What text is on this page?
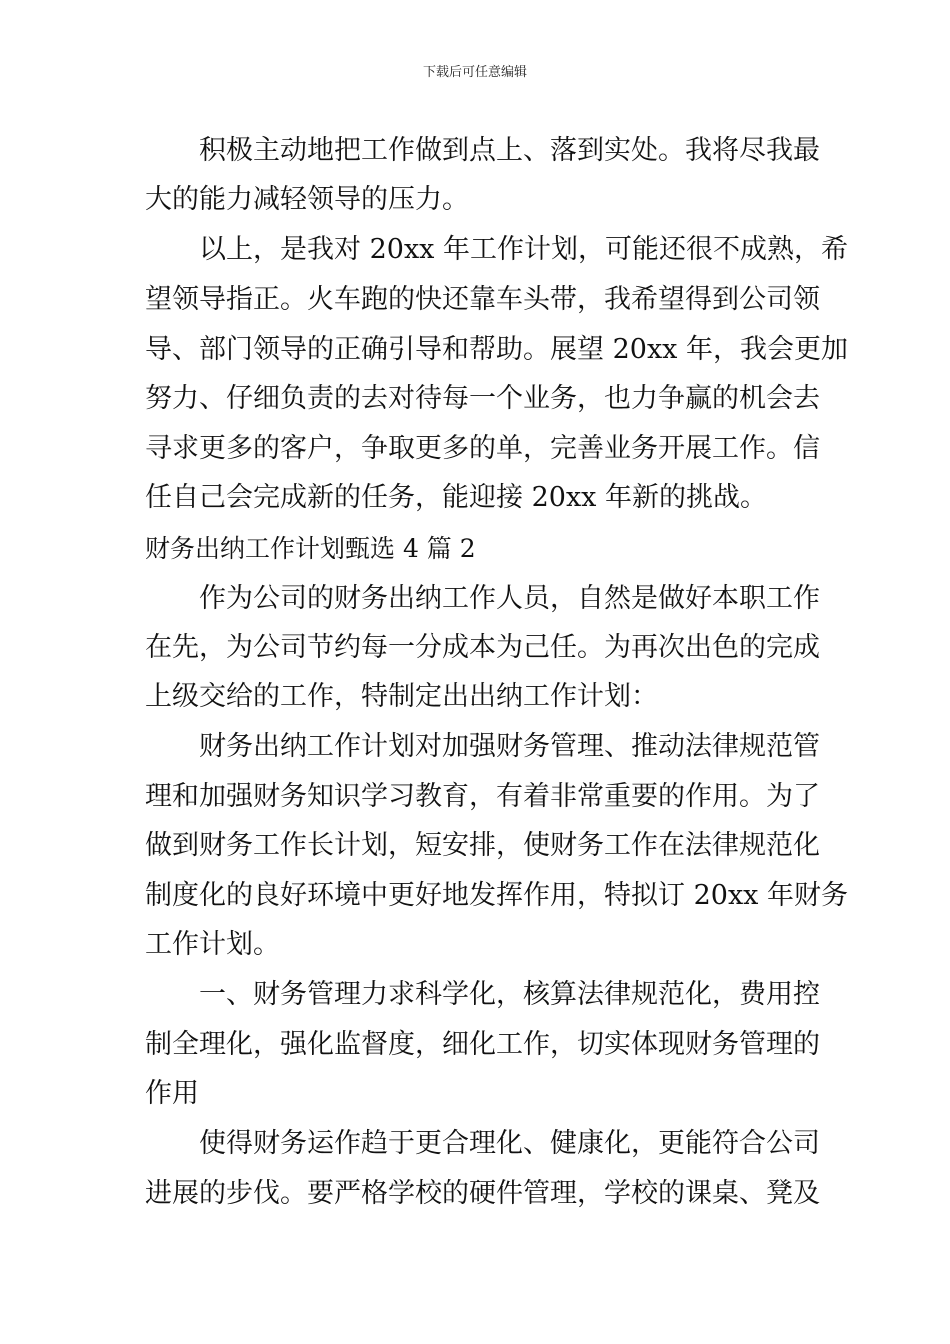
下载后可任意编辑
积极主动地把工作做到点上、落到实处。我将尽我最
大的能力减轻领导的压力。
以上，是我对 20xx 年工作计划，可能还很不成熟，希
望领导指正。火车跑的快还靠车头带，我希望得到公司领
导、部门领导的正确引导和帮助。展望 20xx 年，我会更加
努力、仔细负责的去对待每一个业务，也力争赢的机会去
寻求更多的客户，争取更多的单，完善业务开展工作。信
任自己会完成新的任务，能迎接 20xx 年新的挑战。
财务出纳工作计划甄选 4 篇 2
作为公司的财务出纳工作人员，自然是做好本职工作
在先，为公司节约每一分成本为己任。为再次出色的完成
上级交给的工作，特制定出出纳工作计划：
财务出纳工作计划对加强财务管理、推动法律规范管
理和加强财务知识学习教育，有着非常重要的作用。为了
做到财务工作长计划，短安排，使财务工作在法律规范化
制度化的良好环境中更好地发挥作用，特拟订 20xx 年财务
工作计划。
一、财务管理力求科学化，核算法律规范化，费用控
制全理化，强化监督度，细化工作，切实体现财务管理的
作用
使得财务运作趋于更合理化、健康化，更能符合公司
进展的步伐。要严格学校的硬件管理，学校的课桌、凳及
